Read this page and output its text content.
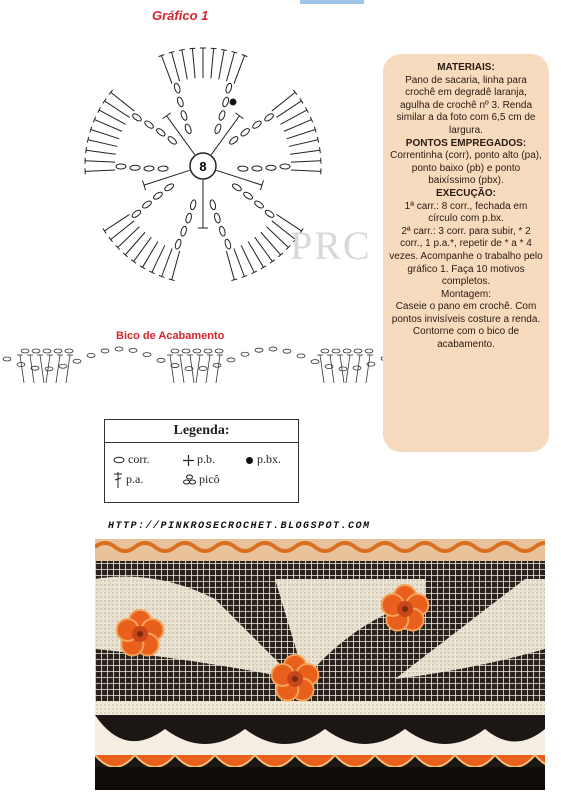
Gráfico 1
8
PRC
Bico de Acabamento

MATERIAIS:

Pano de sacaria, linha para crochê em degradê laranja, agulha de crochê nº 3. Renda similar a da foto com 6,5 cm de largura.

PONTOS EMPREGADOS:

Correntinha (corr), ponto alto (pa), ponto baixo (pb) e ponto baixíssimo (pbx).

EXECUÇÃO:

1ª carr.: 8 corr., fechada em círculo com p.bx.
2ª carr.: 3 corr. para subir, * 2 corr., 1 p.a.*, repetir de * a * 4 vezes. Acompanhe o trabalho pelo gráfico 1. Faça 10 motivos completos.

Montagem:

Caseie o pano em crochê. Com pontos invisíveis costure a renda. Contorne com o bico de acabamento.

Legenda:
corr.	p.b.	p.bx.
p.a.	picô
HTTP://PINKROSECROCHET.BLOGSPOT.COM
